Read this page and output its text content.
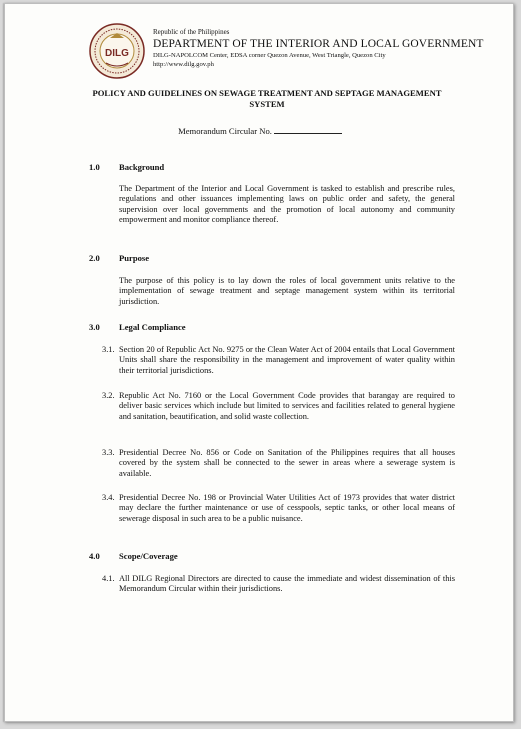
DILG
Republic of the Philippines
DEPARTMENT OF THE INTERIOR AND LOCAL GOVERNMENT
DILG-NAPOLCOM Center, EDSA corner Quezon Avenue, West Triangle, Quezon City
http://www.dilg.gov.ph
POLICY AND GUIDELINES ON SEWAGE TREATMENT AND SEPTAGE MANAGEMENT SYSTEM
Memorandum Circular No.
1.0 Background
The Department of the Interior and Local Government is tasked to establish and prescribe rules, regulations and other issuances implementing laws on public order and safety, the general supervision over local governments and the promotion of local autonomy and community empowerment and monitor compliance thereof.
2.0 Purpose
The purpose of this policy is to lay down the roles of local government units relative to the implementation of sewage treatment and septage management system within its territorial jurisdiction.
3.0 Legal Compliance
3.1. Section 20 of Republic Act No. 9275 or the Clean Water Act of 2004 entails that Local Government Units shall share the responsibility in the management and improvement of water quality within their territorial jurisdictions.
3.2. Republic Act No. 7160 or the Local Government Code provides that barangay are required to deliver basic services which include but limited to services and facilities related to general hygiene and sanitation, beautification, and solid waste collection.
3.3. Presidential Decree No. 856 or Code on Sanitation of the Philippines requires that all houses covered by the system shall be connected to the sewer in areas where a sewerage system is available.
3.4. Presidential Decree No. 198 or Provincial Water Utilities Act of 1973 provides that water district may declare the further maintenance or use of cesspools, septic tanks, or other local means of sewerage disposal in such area to be a public nuisance.
4.0 Scope/Coverage
4.1. All DILG Regional Directors are directed to cause the immediate and widest dissemination of this Memorandum Circular within their jurisdictions.
